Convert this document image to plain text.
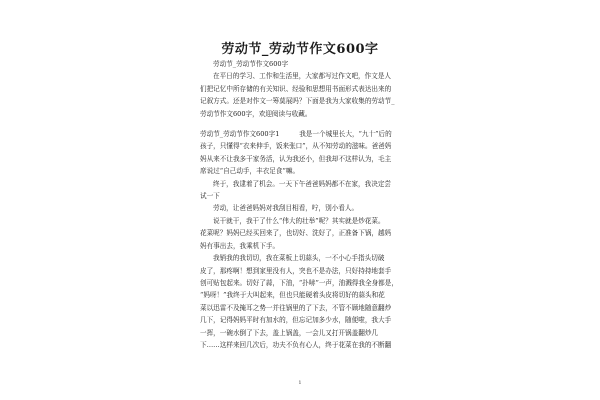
劳动节_劳动节作文600字

劳动节_劳动节作文600字

在平日的学习、工作和生活里，大家都写过作文吧，作文是人

们把记忆中所存储的有关知识、经验和思想用书面形式表达出来的

记叙方式。还是对作文一筹莫展吗？下面是我为大家收集的劳动节_

劳动节作文600字，欢迎阅读与收藏。

劳动节_劳动节作文600字1　　　我是一个城里长大，“九十”后的

孩子，只懂得“衣来伸手，饭来张口”，从不知劳动的滋味。爸爸妈

妈从来不让我多干家务活，认为我还小，但我却不这样认为，毛主

席说过“自己动手，丰衣足食”嘛。

终于，我逮着了机会。一天下午爸爸妈妈都不在家，我决定尝

试一下

劳动，让爸爸妈妈对我刮目相看，咛，别小看人。

说干就干，我干了什么“伟大的壮举”呢？其实就是炒花菜。

花菜呢？妈妈已经买回来了，也切好、洗好了，正准备下锅，越妈

妈有事出去，我乘机下手。

我销我的我切切，我在菜板上切蒜头，一不小心手指头切破

皮了，那疼啊！想到家里没有人，突也不是办法，只好持持地套手

创可贴包起来。切好了蒜，下油，“扑哧”一声，油溅得我全身都是，

“妈呀！”我终于大叫起来，但也只能硬着头皮将切好的蒜头和花

菜以迅雷不及掩耳之势一并往锅里的了下去，不管不顾地随意翻炒

几下，记得妈妈平时有加水的，但忘记加多少水，随便啦，我大手

一挥，一碗水倒了下去，盖上锅盖，一会儿又打开锅盖翻炒几

下……这样来回几次后，功夫不负有心人，终于花菜在我的不断翻

1
